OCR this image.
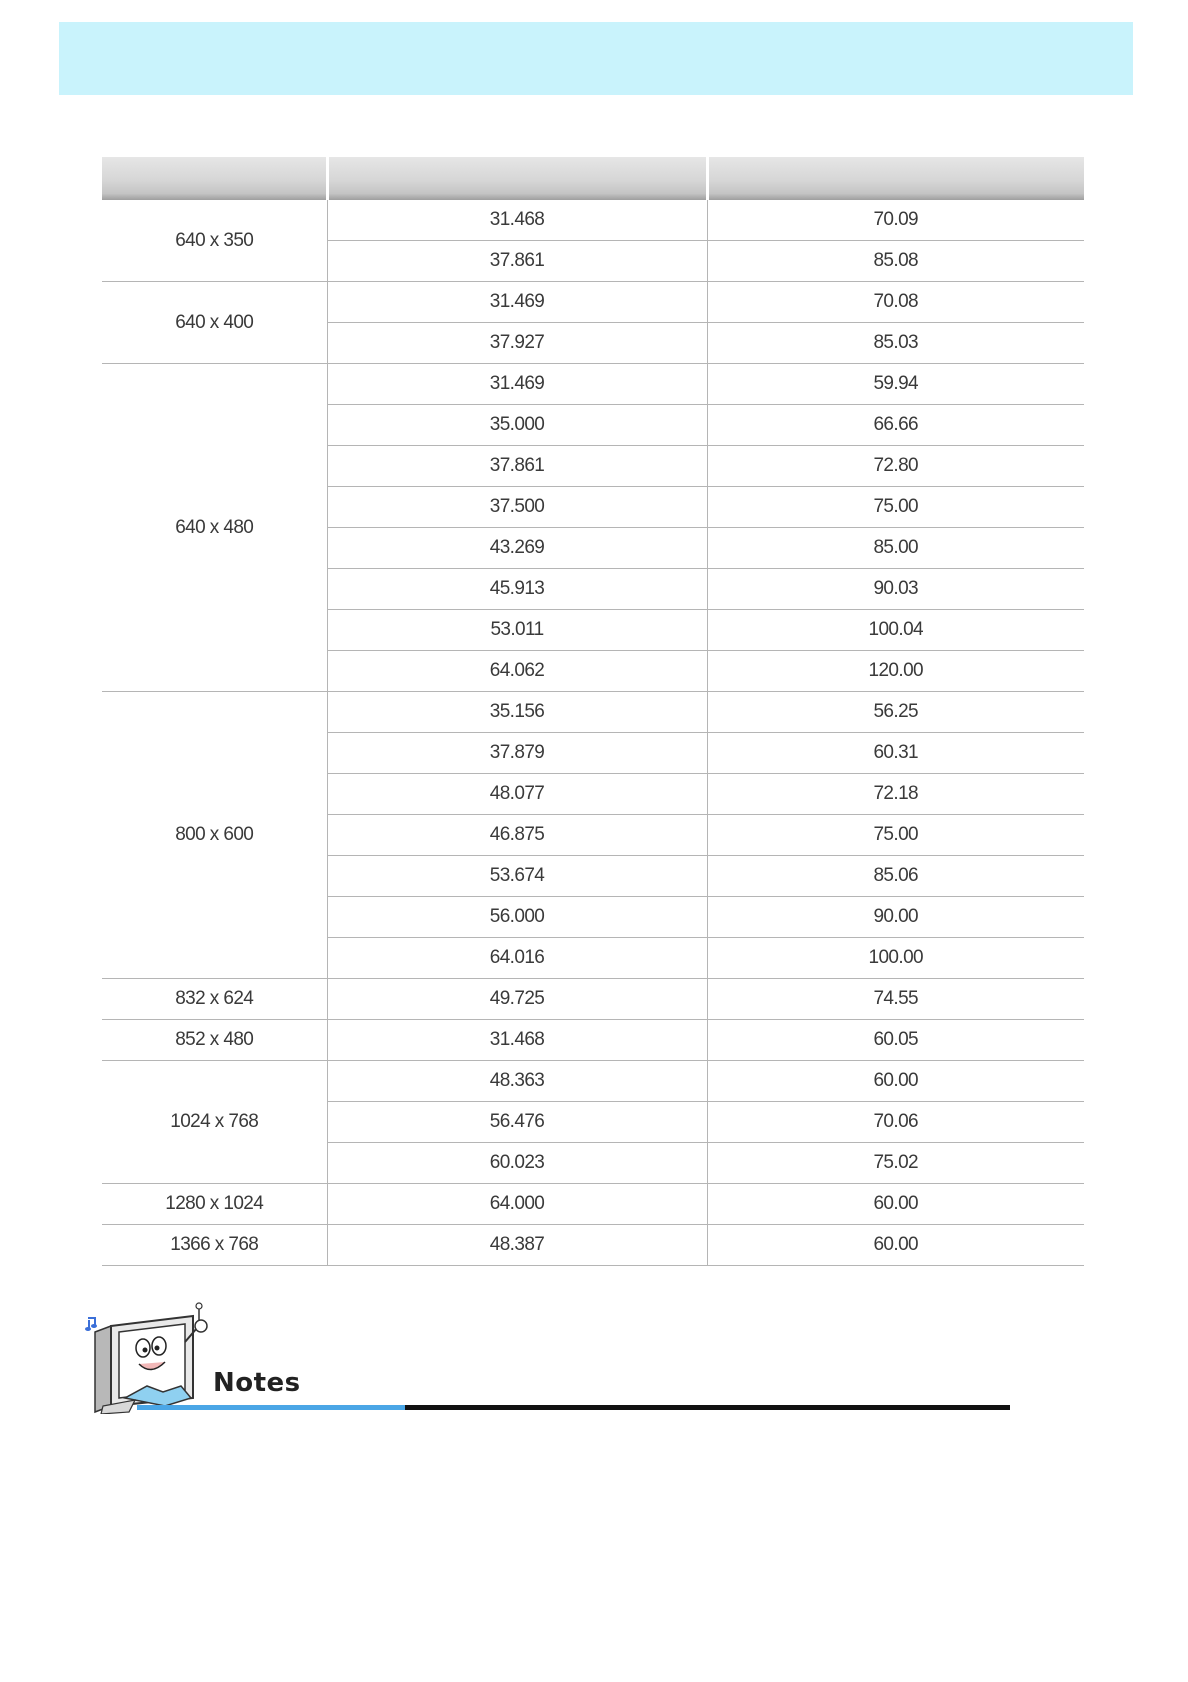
640 x 350	31.468	70.09
	37.861	85.08
640 x 400	31.469	70.08
	37.927	85.03
640 x 480	31.469	59.94
	35.000	66.66
	37.861	72.80
	37.500	75.00
	43.269	85.00
	45.913	90.03
	53.011	100.04
	64.062	120.00
800 x 600	35.156	56.25
	37.879	60.31
	48.077	72.18
	46.875	75.00
	53.674	85.06
	56.000	90.00
	64.016	100.00
832 x 624	49.725	74.55
852 x 480	31.468	60.05
1024 x 768	48.363	60.00
	56.476	70.06
	60.023	75.02
1280 x 1024	64.000	60.00
1366 x 768	48.387	60.00
Notes
